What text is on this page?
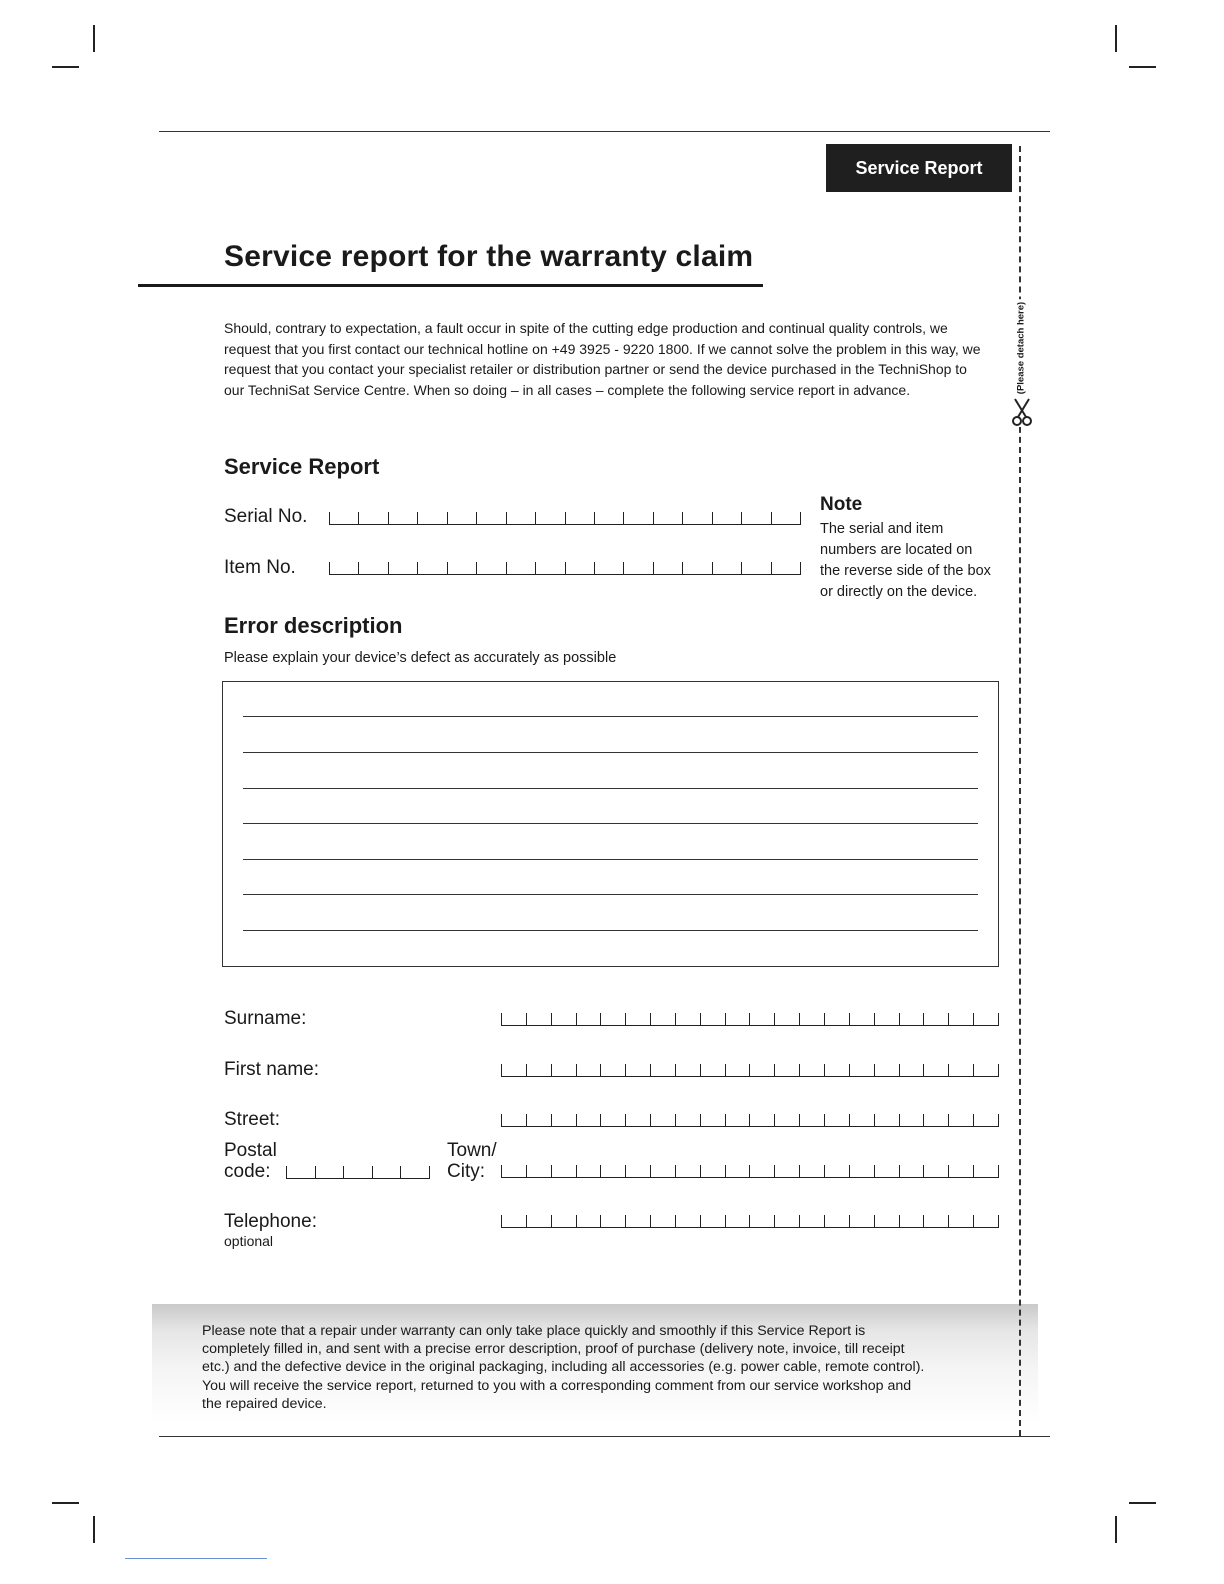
Service Report
Service report for the warranty claim

Should, contrary to expectation, a fault occur in spite of the cutting edge production and continual quality controls, we
request that you first contact our technical hotline on +49 3925 - 9220 1800. If we cannot solve the problem in this way, we
request that you contact your specialist retailer or distribution partner or send the device purchased in the TechniShop to
our TechniSat Service Centre. When so doing – in all cases – complete the following service report in advance.

Service Report
Serial No.
Item No.
Note
The serial and item
numbers are located on
the reverse side of the box
or directly on the device.
Error description
Please explain your device’s defect as accurately as possible
Surname:
First name:
Street:
Postal
code:
Town/
City:
Telephone:
optional
Please note that a repair under warranty can only take place quickly and smoothly if this Service Report is
completely filled in, and sent with a precise error description, proof of purchase (delivery note, invoice, till receipt
etc.) and the defective device in the original packaging, including all accessories (e.g. power cable, remote control).
You will receive the service report, returned to you with a corresponding comment from our service workshop and
the repaired device.
(Please detach here)
